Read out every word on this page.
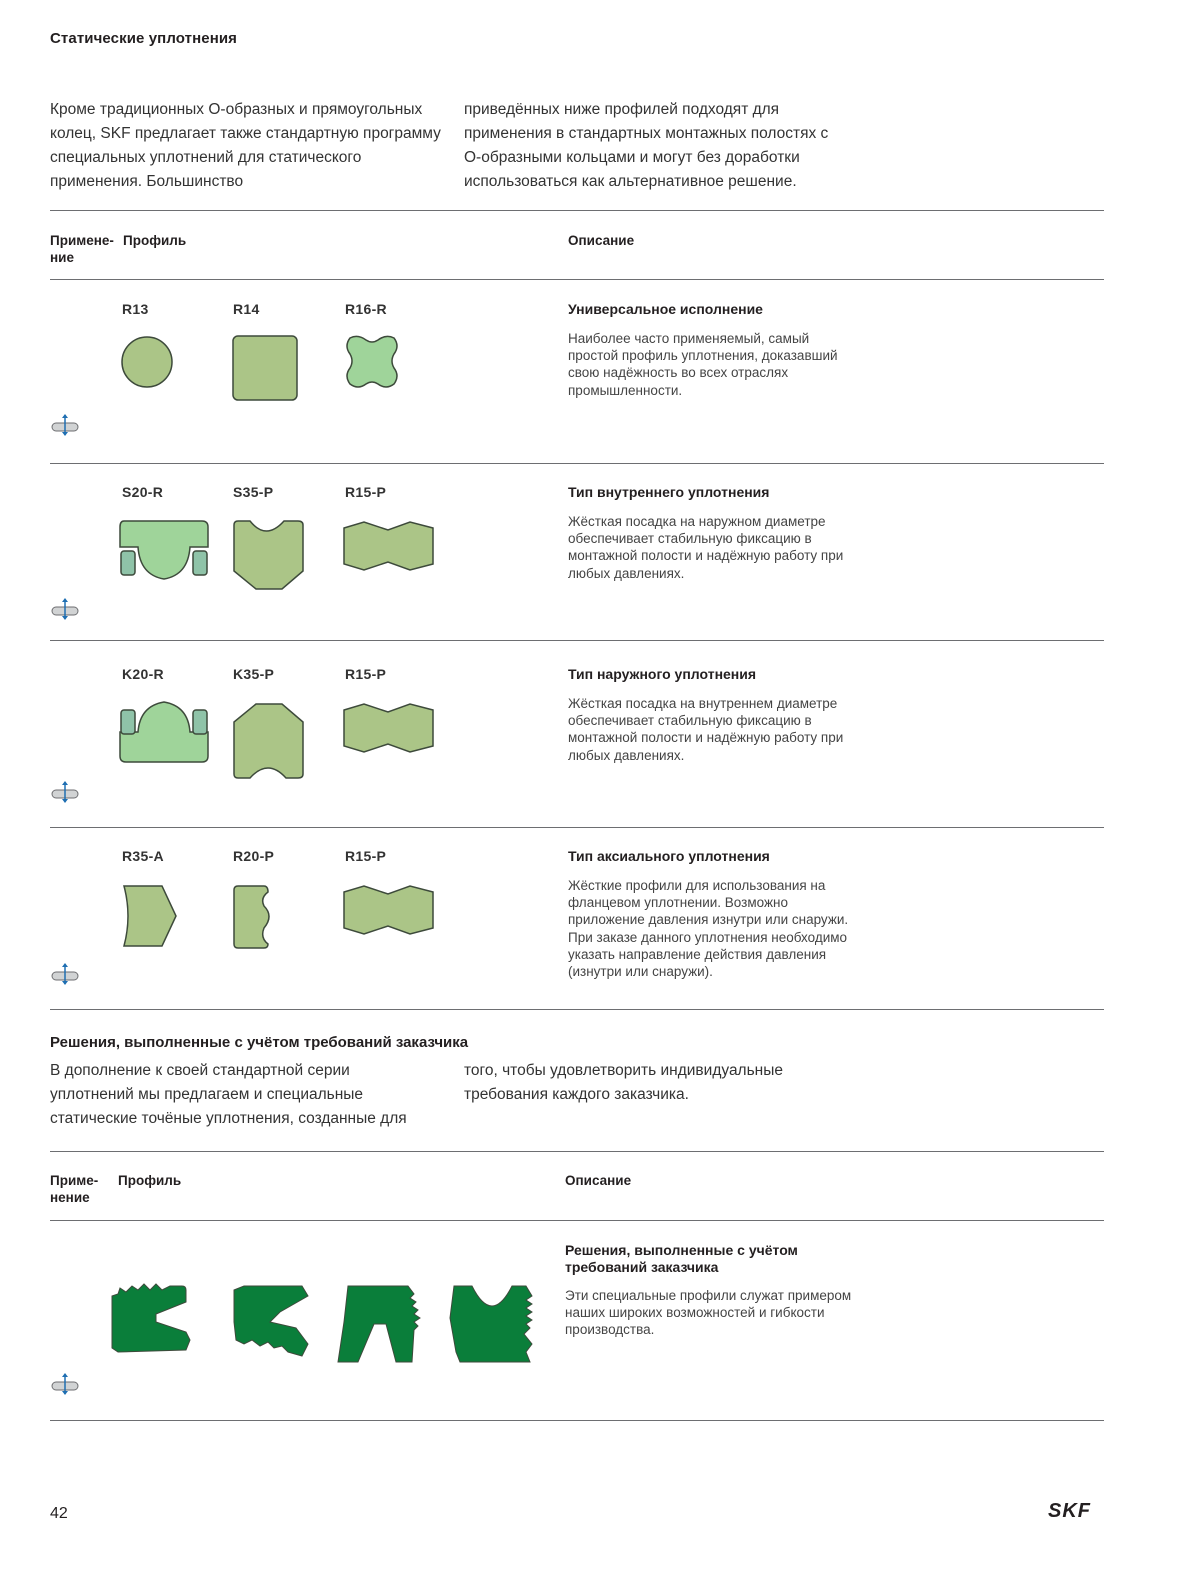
Статические уплотнения
Кроме традиционных О-образных и прямоугольных колец, SKF предлагает также стандартную программу специальных уплотнений для статического применения. Большинство
приведённых ниже профилей подходят для применения в стандартных монтажных полостях с О-образными кольцами и могут без доработки использоваться как альтернативное решение.
Примене-
ние
Профиль	Описание
R13	R14	R16-R	Универсальное исполнение
Наиболее часто применяемый, самый простой профиль уплотнения, доказавший свою надёжность во всех отраслях промышленности.
S20-R	S35-P	R15-P	Тип внутреннего уплотнения
Жёсткая посадка на наружном диаметре обеспечивает стабильную фиксацию в монтажной полости и надёжную работу при любых давлениях.
K20-R	K35-P	R15-P	Тип наружного уплотнения
Жёсткая посадка на внутреннем диаметре обеспечивает стабильную фиксацию в монтажной полости и надёжную работу при любых давлениях.
R35-A	R20-P	R15-P	Тип аксиального уплотнения
Жёсткие профили для использования на фланцевом уплотнении. Возможно приложение давления изнутри или снаружи. При заказе данного уплотнения необходимо указать направление действия давления (изнутри или снаружи).
Решения, выполненные с учётом требований заказчика
В дополнение к своей стандартной серии уплотнений мы предлагаем и специальные статические точёные уплотнения, созданные для
того, чтобы удовлетворить индивидуальные требования каждого заказчика.
Приме-
нение
Профиль	Описание
Решения, выполненные с учётом требований заказчика
Эти специальные профили служат примером наших широких возможностей и гибкости производства.
42	SKF
